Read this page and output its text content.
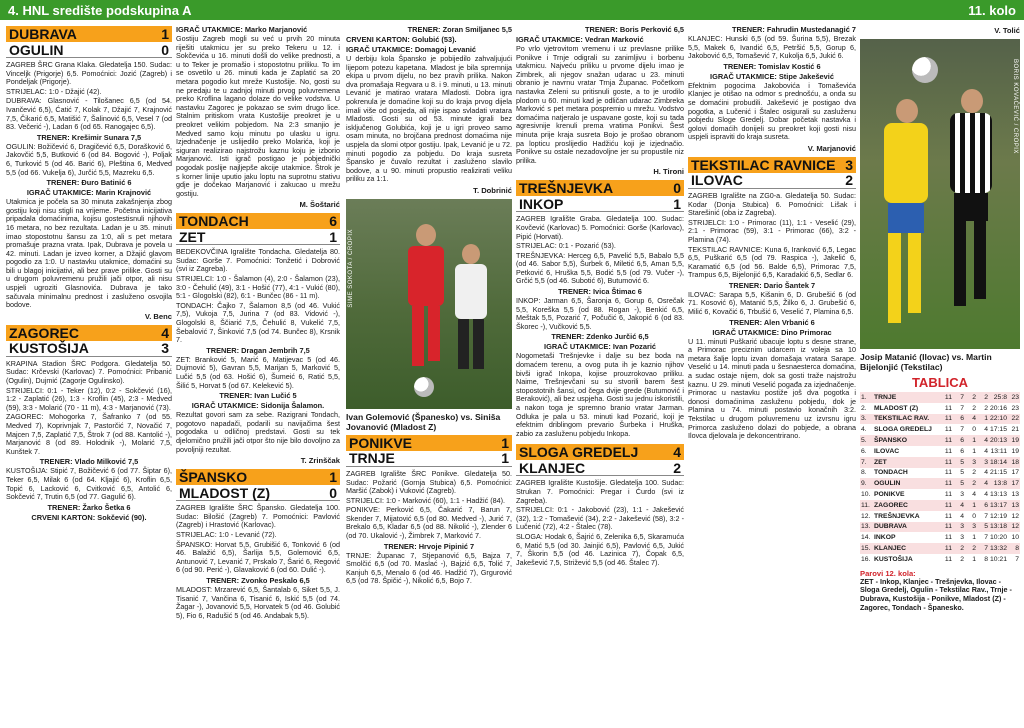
4. HNL središte podskupina A	11. kolo
DUBRAVA	1
OGULIN	0

ZAGREB ŠRC Grana Klaka. Gledatelja 150. Sudac: Vinceljk (Prigorje) 6,5. Pomoćnici: Jozić (Zagreb) i Pondeljak (Prigorje).

STRIJELAC: 1:0 - Džajić (42).

DUBRAVA: Glasnović - Tilošanec 6,5 (od 54. Ivančević 6,5), Ćatić 7, Kolak 7, Džajić 7, Krajnović 7,5, Čikarić 6,5, Matišić 7, Šalinović 6,5, Vesel 7 (od 83. Večerić -), Ladan 6 (od 65. Ranogajec 6,5).

TRENER: Krešimir Sunara 7,5

OGULIN: Božičević 6, Dragičević 6,5, Dorašković 6, Jakovčić 5,5, Butković 6 (od 84. Bogović -), Poljak 6, Turković 5 (od 46. Barić 6), Pleština 6, Medved 5,5 (od 66. Vukelja 6), Jurčić 5,5, Mazreku 6,5.

TRENER: Đuro Batinić 6
IGRAČ UTAKMICE: Marin Krajnović

Utakmica je počela sa 30 minuta zakašnjenja zbog gostiju koji nisu stigli na vrijeme. Početna inicijativa pripadala domaćinima, kojisu gostestisnuli njihovih 16 metara, no bez rezultata. Ladan je u 35. minuti imao stopostotnu šansu za 1:0, ali s pet metara promašuje prazna vrata. Ipak, Dubrava je povela u 42. minuti. Ladan je izveo korner, a Džajić glavom pogodio za 1:0. U nastavku utakmice, domaćini su bili u blagoj inicijativi, ali bez prave prilike. Gosti su u drugom poluvremenu pružili jači otpor, ali nisu uspjeli ugroziti Glasnovića. Dubrava je tako sačuvala minimalnu prednost i zasluženo osvojila bodove.

V. Benc
ZAGOREC	4
KUSTOŠIJA	3

KRAPINA Stadion ŠRC Podgora. Gledatelja 50. Sudac: Krčevski (Karlovac) 7. Pomoćnici: Pribanić (Ogulin), Dujmić (Zagorje Ogulinsko).

STRIJELCI: 0:1 - Teker (12), 0:2 - Sokčević (16), 1:2 - Zaplatić (26), 1:3 - Kroflin (45), 2:3 - Medved (59), 3:3 - Molarić (70 - 11 m), 4:3 - Marjanović (73).

ZAGOREC: Mohogorka 7, Šafranko 7 (od 55. Medved 7), Koprivnjak 7, Pastorčić 7, Novačić 7, Majcen 7,5, Zaplatić 7,5, Štrok 7 (od 88. Kantolić -), Marjanović 8 (od 89. Holodnik -), Molarić 7,5, Kunštek 7.

TRENER: Vlado Milković 7,5

KUSTOŠIJA: Stipić 7, Božičević 6 (od 77. Šiptar 6), Teker 6,5, Milak 6 (od 64. Kljajić 6), Kroflin 6,5, Topić 6, Lacković 6, Cvitković 6,5, Antolić 6, Sokčević 7, Trutin 6,5 (od 77. Gagulić 6).

TRENER: Žarko Šetka 6
CRVENI KARTON: Sokčević (90).
IGRAČ UTAKMICE: Marko Marjanović

Gostiju Zagreb mogli su već u prvih 20 minuta riješiti utakmicu jer su preko Tekeru u 12. i Sokčevića u 16. minuti došli do velike prednosti, a u to Teker je promašio i stopostotnu priliku. To im se osvetilo u 26. minuti kada je Zaplatić sa 20 metara pogodio kut mreže Kustošije. No, gosti su ne predaju te u zadnjoj minuti prvog poluvremena preko Kroflina lagano dolaze do velike vodstva. U nastavku Zagorec je pokazao se svim drugo lice. Stalnim pritiskom vrata Kustošije preokret je u preokret velikim pobjedom. Na 2:3 smanjio je Medved samo koju minutu po ulasku u igru. Izjednačenje je uslijedilo preko Molarića, koji je siguran realizirao najstrožu kaznu koju je izborio Marjanović. Isti igrač postigao je pobjednički pogodak poslije najljepše akcije utakmice. Štrok je s korner linije uputio jaku loptu na suprotnu stativu gdje je dočekao Marjanović i zakucao u mrežu gostiju.

M. Šoštarić
TONDACH	6
ZET	1

BEDEKOVČINA Igralište Tondacha. Gledatelja 80. Sudac: Gorše 7. Pomoćnici: Tonžetić i Dobrović (svi iz Zagreba).

STRIJELCI: 1:0 - Šalamon (4), 2:0 - Šalamon (23), 3:0 - Čehulić (49), 3:1 - Hošić (77), 4:1 - Vukić (80), 5:1 - Glogolski (82), 6:1 - Bunčec (86 - 11 m).

TONDACH: Čajko 7, Šalamon 8,5 (od 46. Vukić 7,5), Vukoja 7,5, Jurina 7 (od 83. Vidović -), Glogolski 8, Ščiarić 7,5, Čehulić 8, Vukelić 7,5, Šebalović 7, Šinković 7,5 (od 74. Bunčec 8), Krsnik 7.

TRENER: Dragan Jembrih 7,5

ZET: Branković 5, Marić 6, Matijevac 5 (od 46. Dujmović 5), Gavran 5,5, Marijan 5, Marković 5, Lučić 5,5 (od 63. Hošić 6), Šumeić 6, Ratić 5,5, Šilić 5, Horvat 5 (od 67. Kelekević 5).

TRENER: Ivan Lučić 5
IGRAČ UTAKMICE: Sidonija Šalamon.

Rezultat govori sam za sebe. Razigrani Tondach, pogotovo napadači, podarili su navijačima šest pogodaka u odličnoj predstavi. Gosti su tek djelomično pružili jači otpor što nije bilo dovoljno za povoljniji rezultat.

T. Zrinščak
ŠPANSKO	1
MLADOST (Z)	0

ZAGREB Igralište ŠRC Špansko. Gledatelja 100. Sudac: Bilošić (Zagreb) 7. Pomoćnici: Pavlović (Zagreb) i Hrastović (Karlovac).

STRIJELAC: 1:0 - Levanić (72).

ŠPANSKO: Horvat 5,5, Grubišić 6, Tonković 6 (od 46. Balažić 6,5), Šarlija 5,5, Golemović 6,5, Antunović 7, Levanić 7, Prskalo 7, Šarić 6, Regović 6 (od 90. Perić -), Glavaković 6 (od 60. Dulić -).

TRENER: Zvonko Peskalo 6,5

MLADOST: Mrzarević 6,5, Šantalab 6, Siket 5,5, J. Tisanić 7, Vančina 6, Tisanić 6, Iskić 5,5 (od 74. Žagar -), Jovanović 5,5, Horvatek 5 (od 46. Golubić 5), Fio 6, Radušić 5 (od 46. Andabak 5,5).

TRENER: Zoran Smiljanec 5,5
CRVENI KARTON: Golubić (53).
IGRAČ UTAKMICE: Domagoj Levanić

U derbiju kola Špansko je pobijedilo zahvaljujući lijepom potezu kapetana. Mladost je bila spremnija ekipa u prvom dijelu, no bez pravih prilika. Nakon dva promašaja Regvara u 8. i 9. minuti, u 13. minuti Levanić je matirao vratara Mladosti. Dobra igra pokrenula je domaćine koji su do kraja prvog dijela imali više od posjeda, ali nije ispao svladati vratara Mladosti. Gosti su od 53. minute igrali bez isključenog Golubića, koji je u igri proveo samo osam minuta, no brojčana prednost domaćima nije uspjela da slomi otpor gostiju. Ipak, Levanić je u 72. minuti pogodio za pobjedu. Do kraja susreta Špansko je čuvalo rezultat i zasluženo slavilo bodove, a u 90. minuti propustio realizirati veliku priliku za 1:1.

T. Dobrinić
ŠIME ŠOKOTA / CROPIX
Ivan Golemović (Španesko) vs. Siniša Jovanović (Mladost Z)
PONIKVE	1
TRNJE	1

ZAGREB Igralište ŠRC Ponikve. Gledatelja 50. Sudac: Požarić (Gornja Stubica) 6,5. Pomoćnici: Maršić (Zabok) i Vuković (Zagreb).

STRIJELCI: 1:0 - Marković (60), 1:1 - Hadžić (84).

PONIKVE: Perković 6,5, Čakarić 7, Barun 7, Skender 7, Mijatović 6,5 (od 80. Medved -), Jurić 7, Brekalo 6,5, Kladar 6,5 (od 88. Nikolić -), Zlender 6 (od 70. Ukalović -), Žimbrek 7, Marković 7.

TRENER: Hrvoje Pipinić 7

TRNJE: Županac 7, Stjepanović 6,5, Bajza 7, Smolčić 6,5 (od 70. Maslać -), Bajzić 6,5, Tolić 7, Kanjuh 6,5, Menalo 6 (od 46. Hadžić 7), Grgurović 6,5 (od 78. Špičić -), Nikolić 6,5, Bojo 7.

TRENER: Boris Perković 6,5
IGRAČ UTAKMICE: Vedran Marković

Po vrlo vjetrovitom vremenu i uz prevlasne prilike Ponikve i Trnje odigrali su zanimljivu i borbenu utakmicu. Najveću priliku u prvome dijelu imao je Zimbrek, ali njegov snažan udarac u 23. minuti obranio je navrnu vratar Trnja Županac. Početkom nastavka Zeleni su pritisnuli goste, a to je urodilo plodom u 60. minuti kad je odličan udarac Zimbreka Marković s pet metara pospremio u mrežu. Vodstvo domaćima natjeralo je uspavane goste, koji su tada agresivnije krenuli prema vratima Ponikvi. Šest minuta prije kraja susreta Bojo je prošao obranom pa lopticu proslijedio Hadžiću koji je izjednačio. Ponikve su ostale nezadovoljne jer su propustile niz prilika.

H. Tironi
TREŠNJEVKA	0
INKOP	1

ZAGREB Igralište Graba. Gledatelja 100. Sudac: Kovčević (Karlovac) 5. Pomoćnici: Gorše (Karlovac), Pipić (Horvati).

STRIJELAC: 0:1 - Pozarić (53).

TREŠNJEVKA: Herceg 6,5, Pavelić 5,5, Babalo 5,5 (od 46. Sabor 5,5), Šurbek 6, Miletić 6,5, Aman 5,5, Petković 6, Hruška 5,5, Bodić 5,5 (od 79. Vučer -), Grčić 5,5 (od 46. Subotić 6), Butumović 6.

TRENER: Ivica Štimac 6

INKOP: Jarman 6,5, Šaronja 6, Gorup 6, Osrečak 5,5, Koreška 5,5 (od 88. Rogan -), Benkić 6,5, Meštak 5,5, Pozarić 7, Počučić 6, Jakopić 6 (od 83. Škorec -), Vučković 5,5.

TRENER: Zdenko Jurčić 6,5
IGRAČ UTAKMICE: Ivan Pozarić

Nogometaši Trešnjevke i dalje su bez boda na domaćem terenu, a ovog puta ih je kaznio njihov bivši igrač Inkopa, kojise prouzrokovao priliku. Naime, Trešnjevčani su su stvorili barem šest stopostotnih šansi, od čega dvije grede (Butumović i Beraković), ali bez uspjeha. Gosti su jednu iskoristili, a nakon toga je spremno branio vratar Jarman. Odluka je pala u 53. minuti kad Pozarić, koji je efektnim driblingom prevario Šurbeka i Hruška, zabio za zasluženu pobjedu Inkopa.

SLOGA GREDELJ 4
KLANJEC	2

ZAGREB Igralište Kustošije. Gledatelja 100. Sudac: Strukan 7. Pomoćnici: Pregar i Ćurdo (svi iz Zagreba).

STRIJELCI: 0:1 - Jakobović (23), 1:1 - Jakešević (32), 1:2 - Tomašević (34), 2:2 - Jakešević (58), 3:2 - Lučenić (72), 4:2 - Štalec (78).

SLOGA: Hodak 6, Šajrić 6, Zelenika 6,5, Skaramuća 6, Matić 5,5 (od 30. Jainjić 6,5), Pavlović 6,5, Jukić 7, Škorin 5,5 (od 46. Lazinica 7), Čopak 6,5, Jakešević 7,5, Strižević 5,5 (od 46. Štalec 7).

TRENER: Fahrudin Mustedanagić 7

KLANJEC: Hunski 6,5 (od 59. Šurina 5,5), Brezak 5,5, Makek 6, Ivandić 6,5, Petršić 5,5, Gorup 6, Jakobović 6,5, Tomašević 7, Kukolja 6,5, Jukić 6.

TRENER: Tomislav Kostić 6
IGRAČ UTAKMICE: Stipe Jakešević

Efektnim pogocima Jakobovića i Tomaševića Klanjec je otišao na odmor s prednošću, a onda su se domaćini probudili. Jakešević je postigao dva pogotka, a Lučenić i Štalec osigurali su zasluženu pobjedu Sloge Gredelj. Dobar početak nastavka i golovi domaćih donijeli su preokret koji gosti nisu uspjeli ispraviti do kraja susreta.

V. Marjanović
TEKSTILAC RAVNICE 3
ILOVAC	2

ZAGREB Igralište na ZG0-a. Gledatelja 50. Sudac: Kodar (Donja Stubica) 6. Pomoćnici: Lišak i Starešinić (oba iz Zagreba).

STRIJELCI: 1:0 - Primorac (11), 1:1 - Veselić (29), 2:1 - Primorac (59), 3:1 - Primorac (66), 3:2 - Plamina (74).

TEKSTILAC RAVNICE: Kuna 6, Iranković 6,5, Legac 6,5, Puškarić 6,5 (od 79. Raspica -), Jakelić 6, Karamatić 6,5 (od 56. Balde 6,5), Primorac 7,5, Trampus 6,5, Bijelonjić 6,5, Karadakić 6,5, Sedlar 6.

TRENER: Dario Šantek 7

ILOVAC: Sarapa 5,5, Kišanin 6, D. Grubešić 6 (od 71. Kosović 6), Matanić 5,5, Žilko 6, J. Grubešić 6, Milić 6, Kovačić 6, Trbušić 6, Veselić 7, Plamina 6,5.

TRENER: Alen Vrbanić 6
IGRAČ UTAKMICE: Dino Primorac

U 11. minuti Puškarić ubacuje loptu s desne strane, a Primorac preciznim udarcem iz voleja sa 10 metara šalje loptu izvan domašaja vratara Sarape. Veselić u 14. minuti pada u šesnaesterca domaćina, a sudac ostaje nijem, dok sa gosti traže najstrožu kaznu. U 29. minuti Veselić pogađa za izjednačenje. Primorac u nastavku postiže još dva pogotka i donosi domaćinima zasluženu pobjedu, dok je Plamina u 74. minuti postavio konačnih 3:2. Tekstilac u drugom poluvremenu uz izvrsnu igru Primorca zasluženo dolazi do pobjede, a obrana Ilovca djelovala je dekoncentrirano.

V. Tolić
BORIS KOVAČEVIĆ / CROPIX
Josip Matanić (Ilovac) vs. Martin Bijelonjić (Tekstilac)
TABLICA
1.	TRNJE	11	7	2	2	25:8	23
2.	MLADOST (Z)	11	7	2	2	20:16	23
3.	TEKSTILAC RAV.	11	6	4	1	22:10	22
4.	SLOGA GREDELJ	11	7	0	4	17:15	21
5.	ŠPANSKO	11	6	1	4	20:13	19
6.	ILOVAC	11	6	1	4	13:11	19
7.	ZET	11	5	3	3	18:14	18
8.	TONDACH	11	5	2	4	21:15	17
9.	OGULIN	11	5	2	4	13:8	17
10.	PONIKVE	11	3	4	4	13:13	13
11.	ZAGOREC	11	4	1	6	13:17	13
12.	TREŠNJEVKA	11	4	0	7	12:19	12
13.	DUBRAVA	11	3	3	5	13:18	12
14.	INKOP	11	3	1	7	10:20	10
15.	KLANJEC	11	2	2	7	13:32	8
16.	KUSTOŠIJA	11	2	1	8	10:21	7
Parovi 12. kola:
ZET - Inkop, Klanjec - Trešnjevka, Ilovac - Sloga Gredelj, Ogulin - Tekstilac Rav., Trnje - Dubrava, Kustošija - Ponikve, Mladost (Z) - Zagorec, Tondach - Španesko.
